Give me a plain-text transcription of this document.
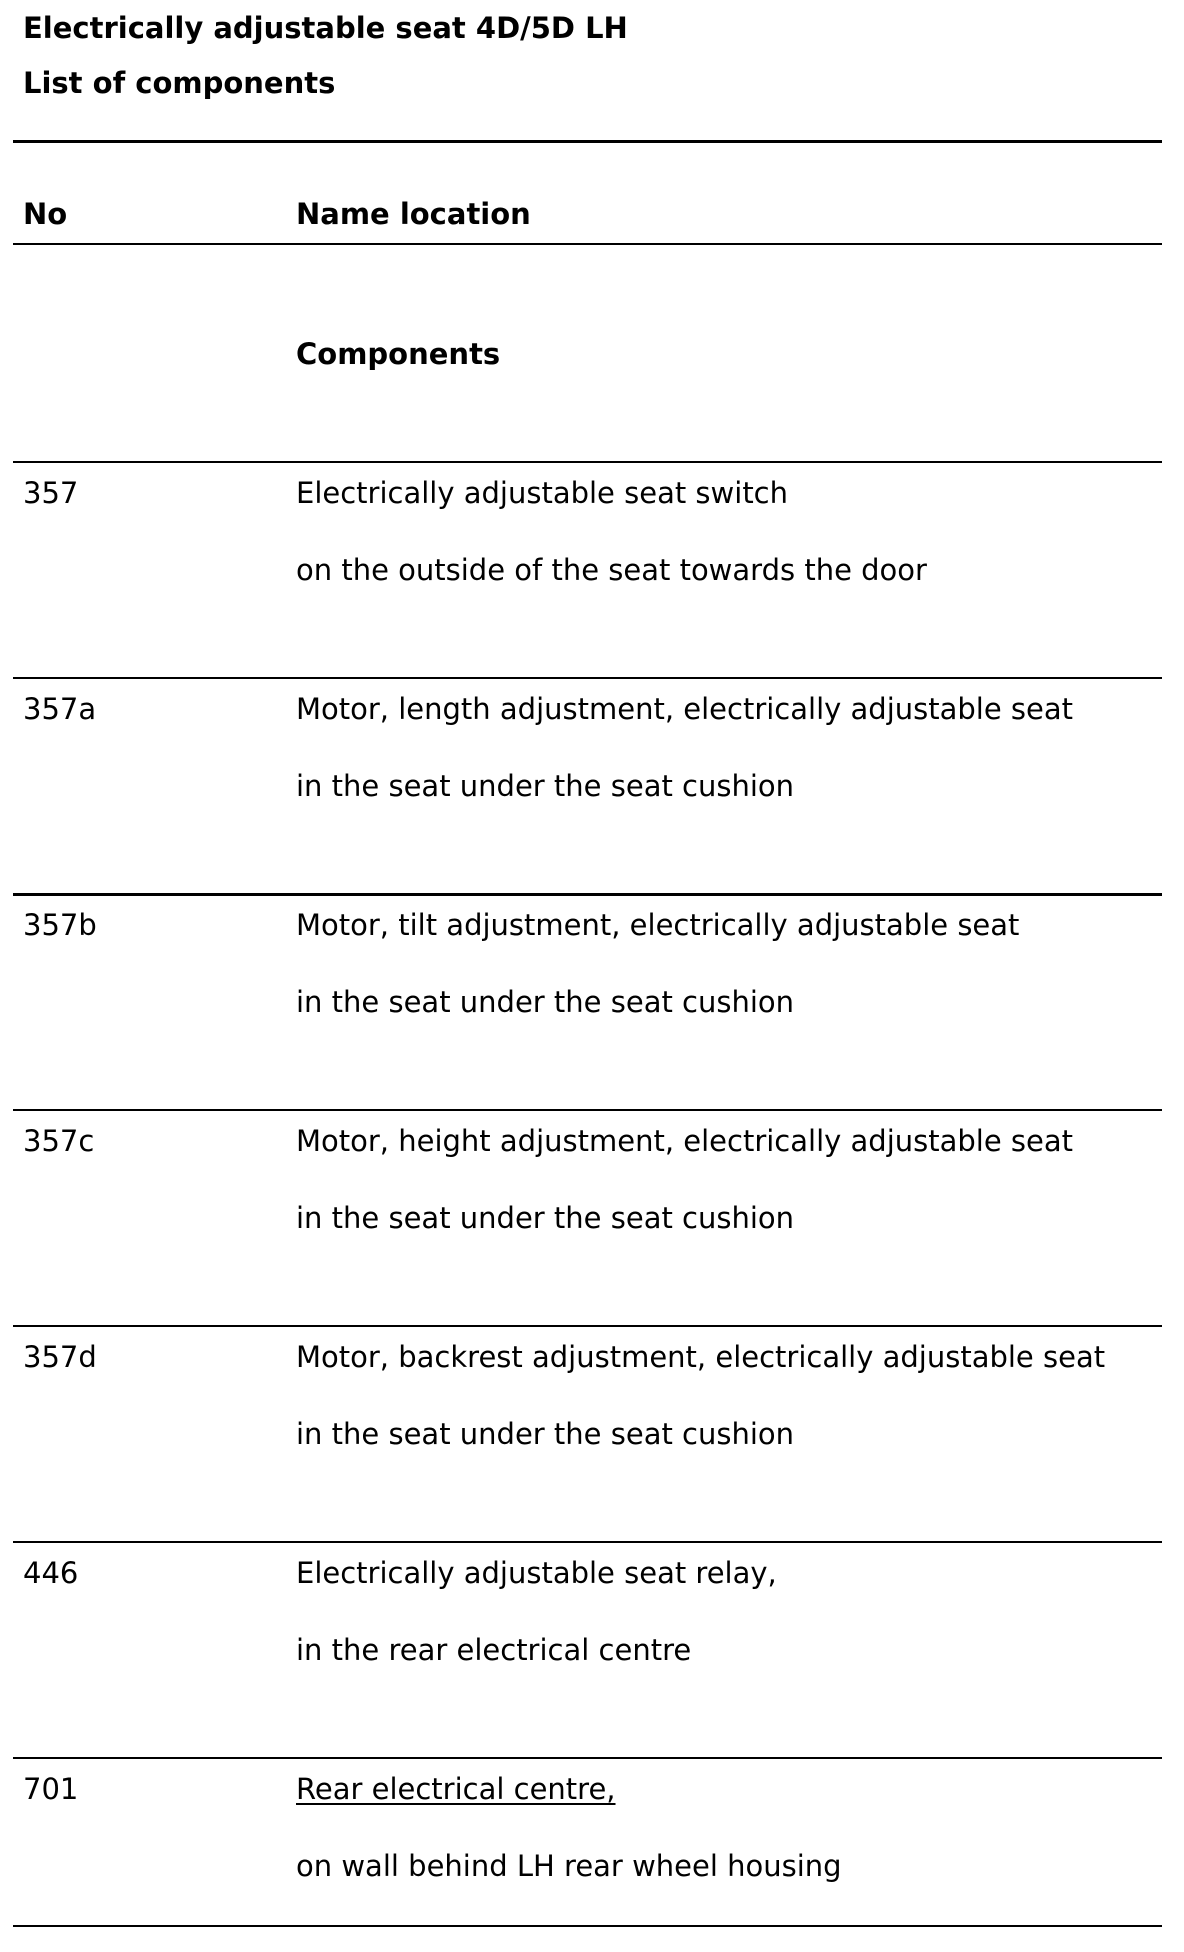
Electrically adjustable seat 4D/5D LH
List of components
No	Name location
Components
357	Electrically adjustable seat switch
on the outside of the seat towards the door
357a	Motor, length adjustment, electrically adjustable seat
in the seat under the seat cushion
357b	Motor, tilt adjustment, electrically adjustable seat
in the seat under the seat cushion
357c	Motor, height adjustment, electrically adjustable seat
in the seat under the seat cushion
357d	Motor, backrest adjustment, electrically adjustable seat
in the seat under the seat cushion
446	Electrically adjustable seat relay,
in the rear electrical centre
701	Rear electrical centre,
on wall behind LH rear wheel housing
